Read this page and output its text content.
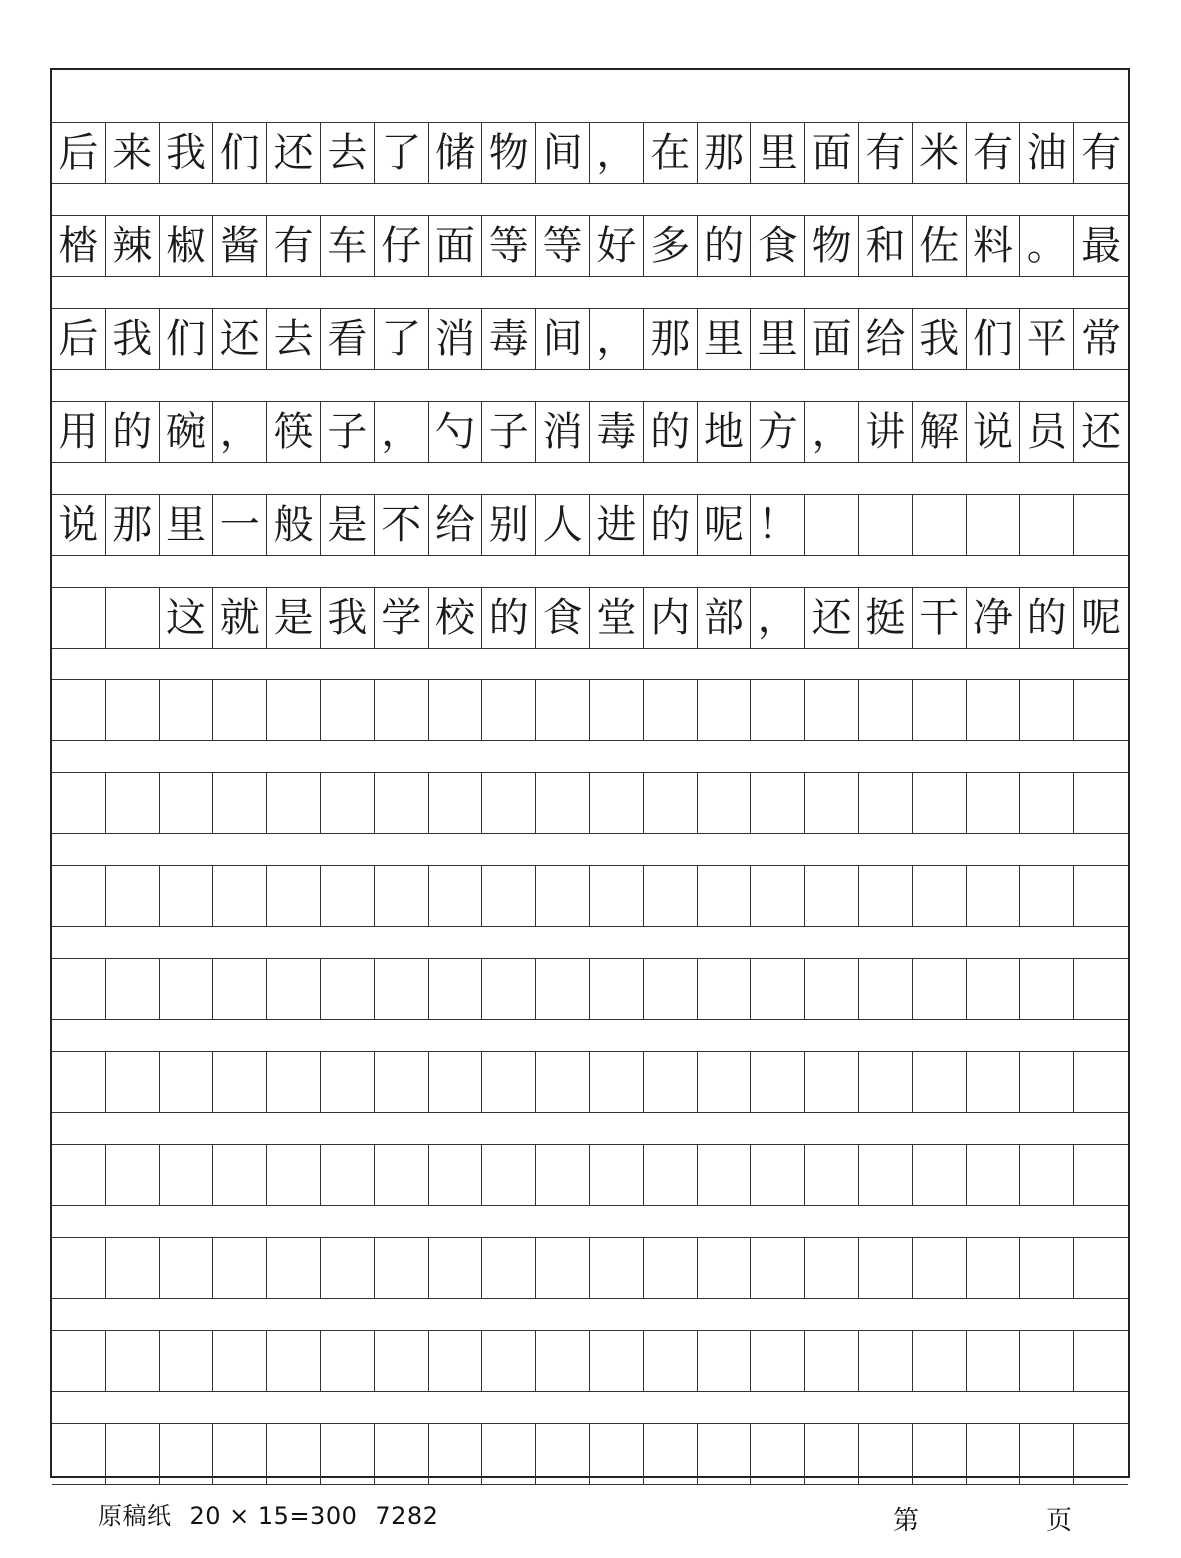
后 来 我 们 还 去 了 储 物 间 ， 在 那 里 面 有 米 有 油 有
㭼 辣 椒 酱 有 车 仔 面 等 等 好 多 的 食 物 和 佐 料 。 最
后 我 们 还 去 看 了 消 毒 间 ， 那 里 里 面 给 我 们 平 常
用 的 碗 ， 筷 子 ， 勺 子 消 毒 的 地 方 ， 讲 解 说 员 还
说 那 里 一 般 是 不 给 别 人 进 的 呢 ！
这 就 是 我 学 校 的 食 堂 内 部 ， 还 挺 干 净 的 呢
原稿纸 20 × 15=300 7282	第	页
